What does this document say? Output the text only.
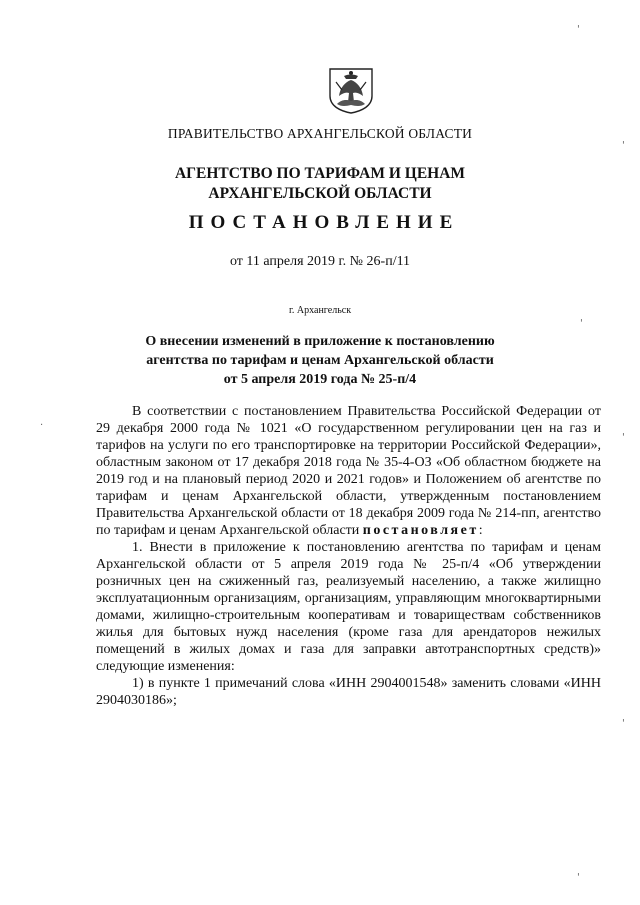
ПРАВИТЕЛЬСТВО АРХАНГЕЛЬСКОЙ ОБЛАСТИ
АГЕНТСТВО ПО ТАРИФАМ И ЦЕНАМ
АРХАНГЕЛЬСКОЙ ОБЛАСТИ
ПОСТАНОВЛЕНИЕ
от 11 апреля 2019 г. № 26-п/11
г. Архангельск
О внесении изменений в приложение к постановлению
агентства по тарифам и ценам Архангельской области
от 5 апреля 2019 года № 25-п/4

В соответствии с постановлением Правительства Российской Федерации от 29 декабря 2000 года № 1021 «О государственном регулировании цен на газ и тарифов на услуги по его транспортировке на территории Российской Федерации», областным законом от 17 декабря 2018 года № 35-4-ОЗ «Об областном бюджете на 2019 год и на плановый период 2020 и 2021 годов» и Положением об агентстве по тарифам и ценам Архангельской области, утвержденным постановлением Правительства Архангельской области от 18 декабря 2009 года № 214-пп, агентство по тарифам и ценам Архангельской области постановляет:

1. Внести в приложение к постановлению агентства по тарифам и ценам Архангельской области от 5 апреля 2019 года № 25-п/4 «Об утверждении розничных цен на сжиженный газ, реализуемый населению, а также жилищно эксплуатационным организациям, организациям, управляющим многоквартирными домами, жилищно-строительным кооперативам и товариществам собственников жилья для бытовых нужд населения (кроме газа для арендаторов нежилых помещений в жилых домах и газа для заправки автотранспортных средств)» следующие изменения:

1) в пункте 1 примечаний слова «ИНН 2904001548» заменить словами «ИНН 2904030186»;

'
'
'
·
'
'
'
